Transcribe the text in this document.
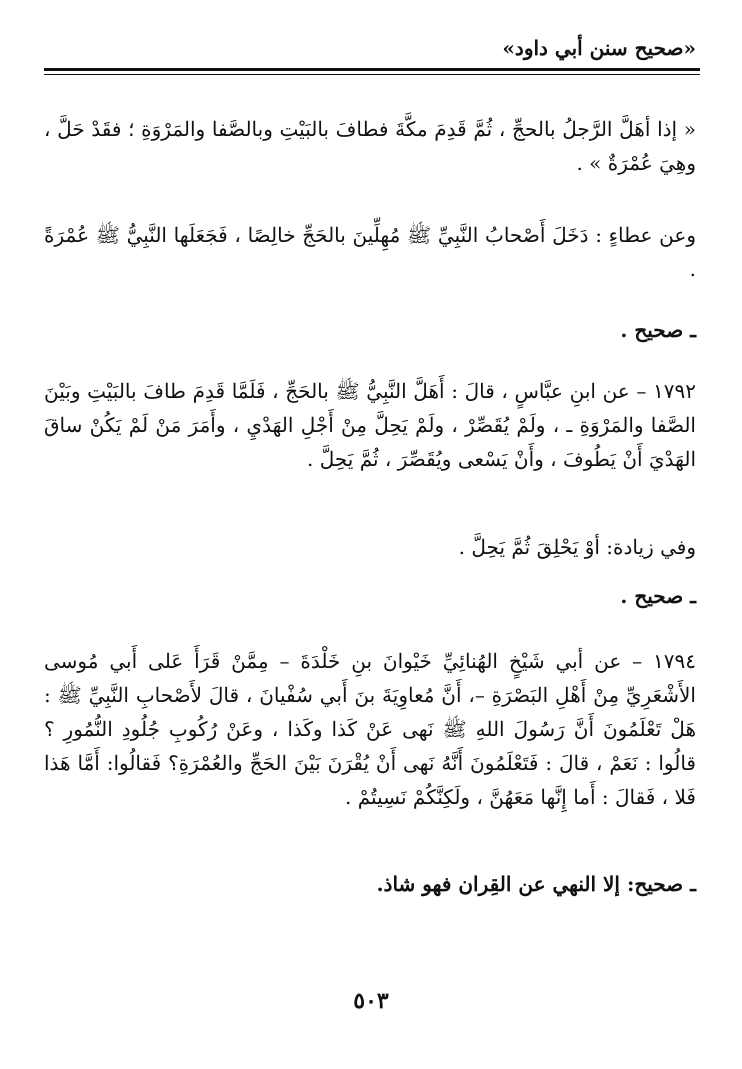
«صحيح سنن أبي داود»
« إذا أهَلَّ الرَّجلُ بالحجِّ ، ثُمَّ قَدِمَ مكَّةَ فطافَ بالبَيْتِ وبالصَّفا والمَرْوَةِ ؛ فقَدْ حَلَّ ، وهِيَ عُمْرَةٌ » .
وعن عطاءٍ : دَخَلَ أَصْحابُ النَّبِيِّ ﷺ مُهِلِّينَ بالحَجِّ خالِصًا ، فَجَعَلَها النَّبِيُّ ﷺ عُمْرَةً .
ـ صحيح .
١٧٩٢ – عن ابنِ عبَّاسٍ ، قالَ : أَهَلَّ النَّبِيُّ ﷺ بالحَجِّ ، فَلَمَّا قَدِمَ طافَ بالبَيْتِ وبَيْنَ الصَّفا والمَرْوَةِ ـ ، ولَمْ يُقَصِّرْ ، ولَمْ يَحِلَّ مِنْ أَجْلِ الهَدْيِ ، وأَمَرَ مَنْ لَمْ يَكُنْ ساقَ الهَدْيَ أَنْ يَطُوفَ ، وأَنْ يَسْعى ويُقَصِّرَ ، ثُمَّ يَحِلَّ .
وفي زيادة: أوْ يَحْلِقَ ثُمَّ يَحِلَّ .
ـ صحيح .
١٧٩٤ – عن أبي شَيْخٍ الهُنائِيِّ خَيْوانَ بنِ خَلْدَةَ – مِمَّنْ قَرَأَ عَلى أَبي مُوسى الأَشْعَرِيِّ مِنْ أَهْلِ البَصْرَةِ –، أَنَّ مُعاوِيَةَ بنَ أَبي سُفْيانَ ، قالَ لأَصْحابِ النَّبِيِّ ﷺ : هَلْ تَعْلَمُونَ أَنَّ رَسُولَ اللهِ ﷺ نَهى عَنْ كَذا وكَذا ، وعَنْ رُكُوبِ جُلُودِ النُّمُورِ ؟ قالُوا : نَعَمْ ، قالَ : فَتَعْلَمُونَ أَنَّهُ نَهى أَنْ يُقْرَنَ بَيْنَ الحَجِّ والعُمْرَةِ؟ فَقالُوا: أَمَّا هَذا فَلا ، فَقالَ : أَما إِنَّها مَعَهُنَّ ، ولَكِنَّكُمْ نَسِيتُمْ .
ـ صحيح: إلا النهي عن القِران فهو شاذ.
٥٠٣
